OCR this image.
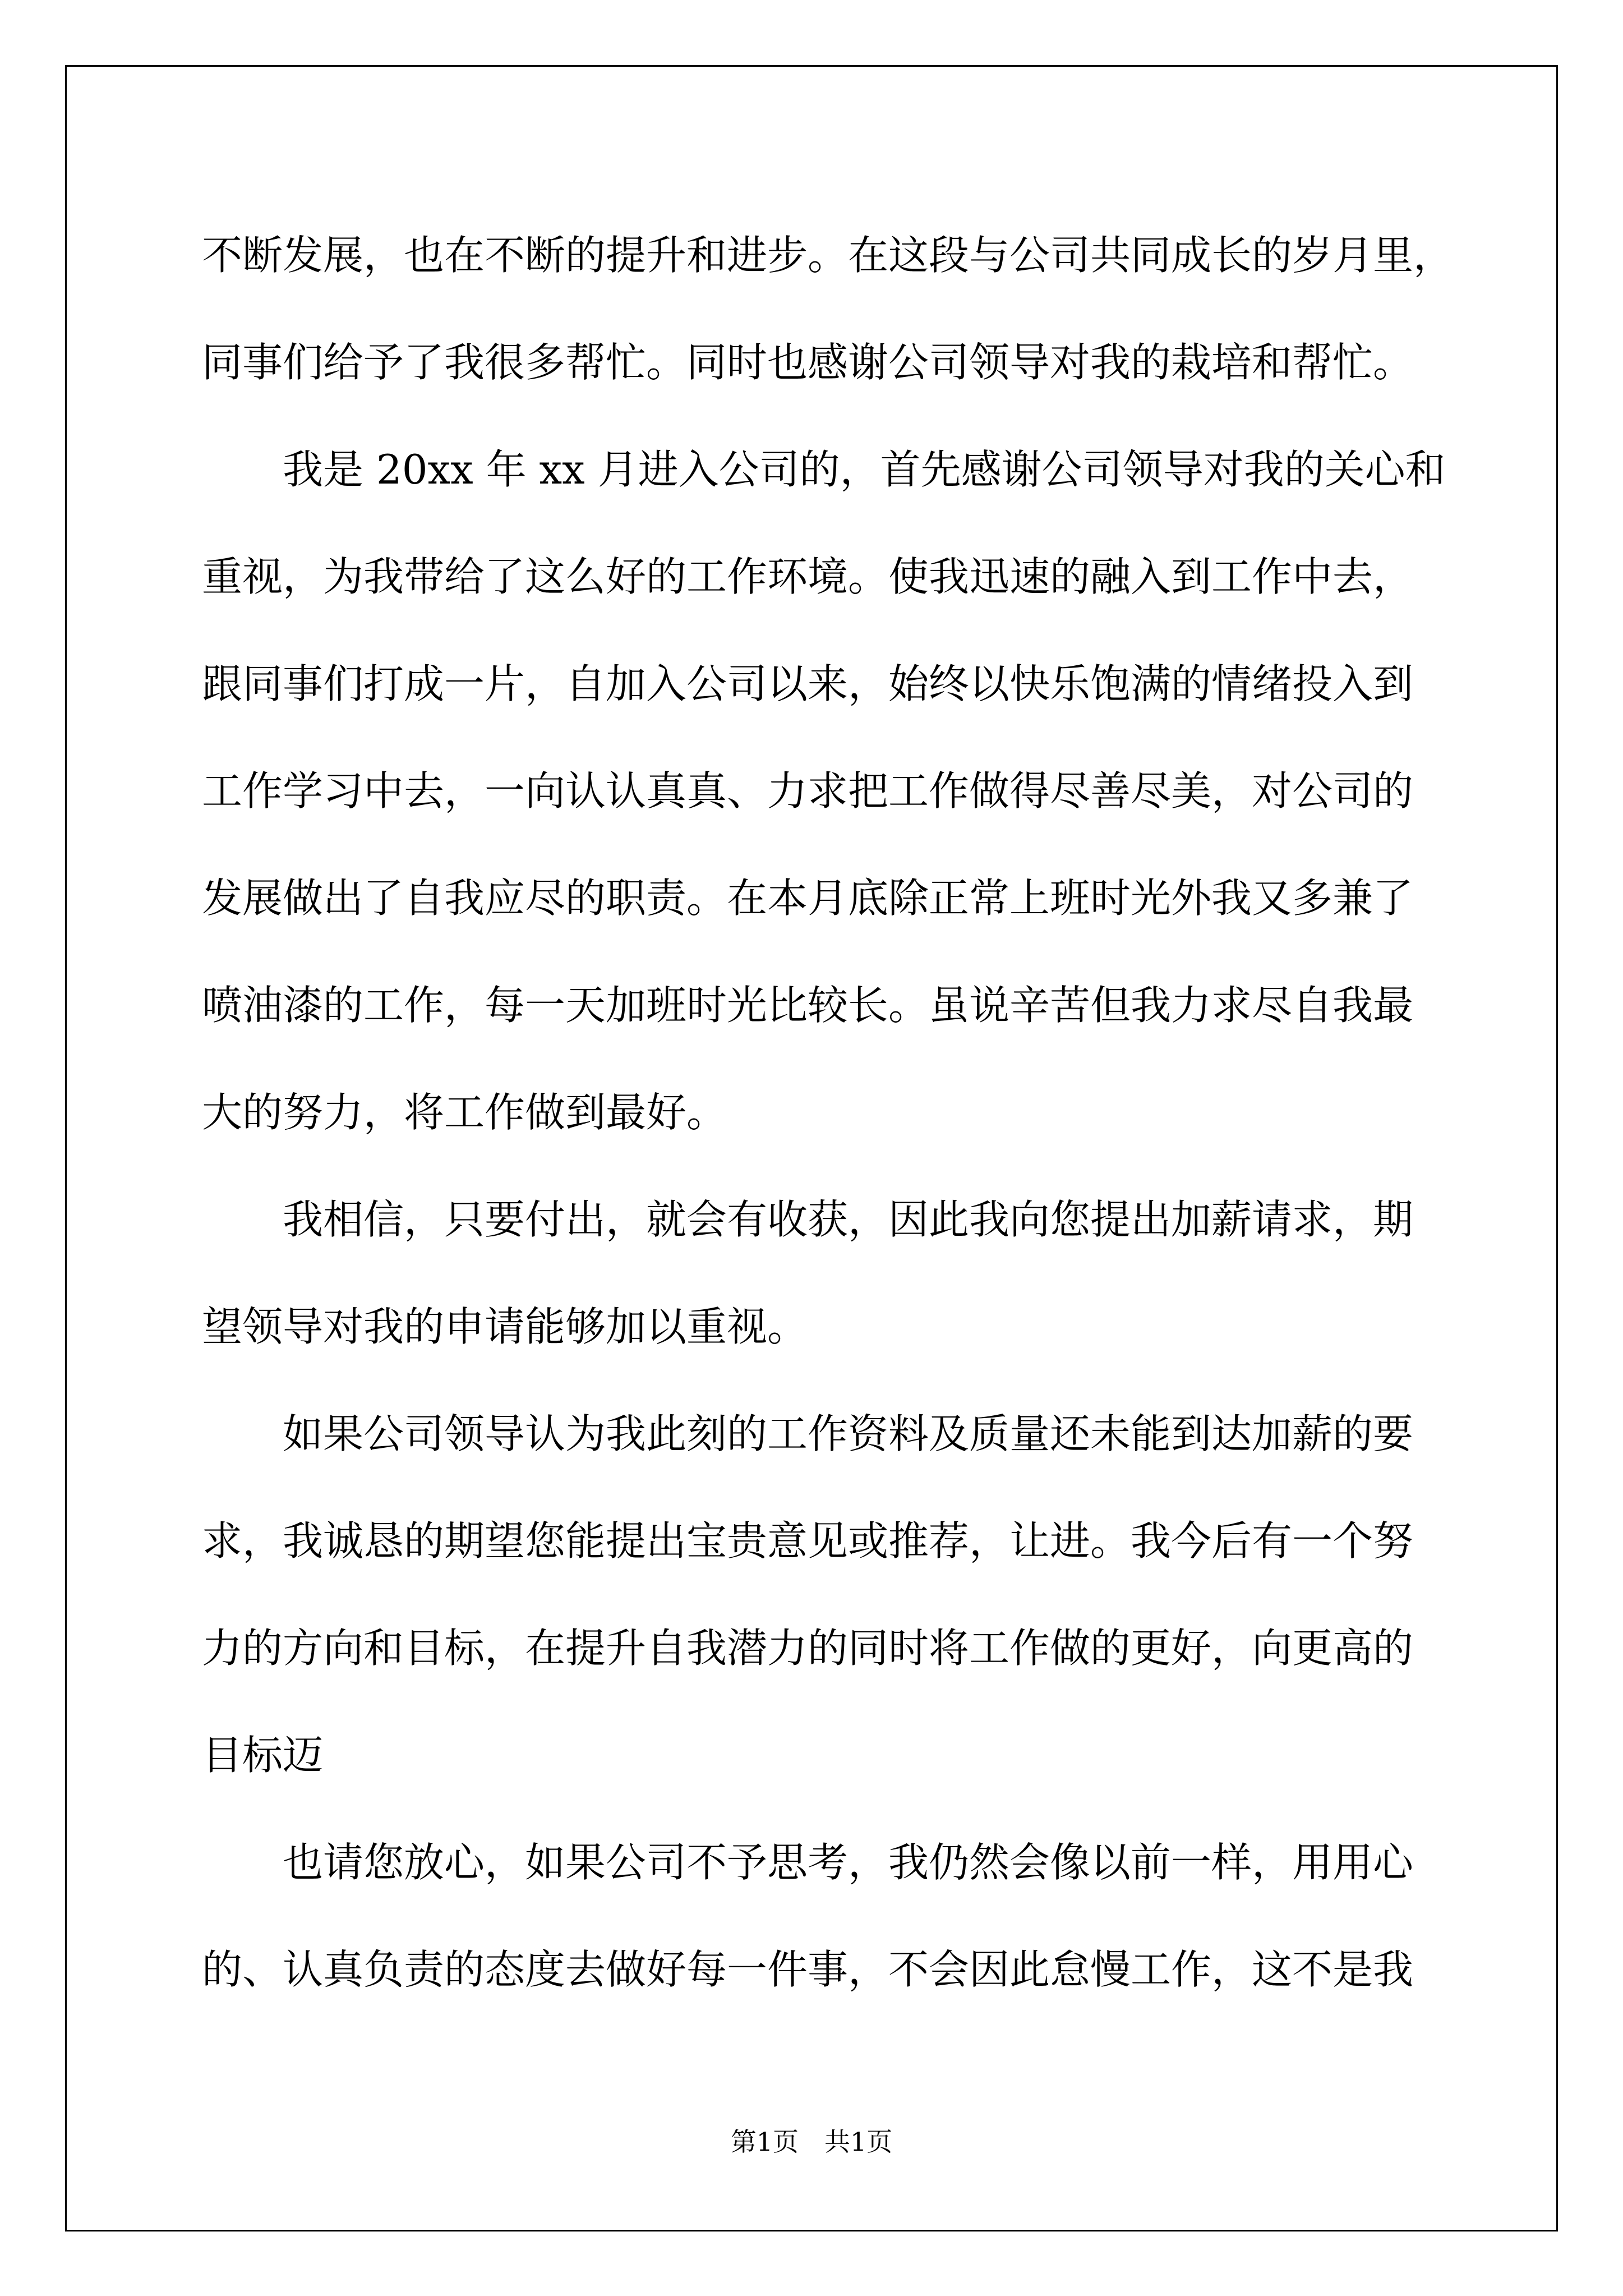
不断发展，也在不断的提升和进步。在这段与公司共同成长的岁月里，
同事们给予了我很多帮忙。同时也感谢公司领导对我的栽培和帮忙。
我是 20xx 年 xx 月进入公司的，首先感谢公司领导对我的关心和
重视，为我带给了这么好的工作环境。使我迅速的融入到工作中去，
跟同事们打成一片，自加入公司以来，始终以快乐饱满的情绪投入到
工作学习中去，一向认认真真、力求把工作做得尽善尽美，对公司的
发展做出了自我应尽的职责。在本月底除正常上班时光外我又多兼了
喷油漆的工作，每一天加班时光比较长。虽说辛苦但我力求尽自我最
大的努力，将工作做到最好。
我相信，只要付出，就会有收获，因此我向您提出加薪请求，期
望领导对我的申请能够加以重视。
如果公司领导认为我此刻的工作资料及质量还未能到达加薪的要
求，我诚恳的期望您能提出宝贵意见或推荐，让进。我今后有一个努
力的方向和目标，在提升自我潜力的同时将工作做的更好，向更高的
目标迈
也请您放心，如果公司不予思考，我仍然会像以前一样，用用心
的、认真负责的态度去做好每一件事，不会因此怠慢工作，这不是我
第1页　共1页
